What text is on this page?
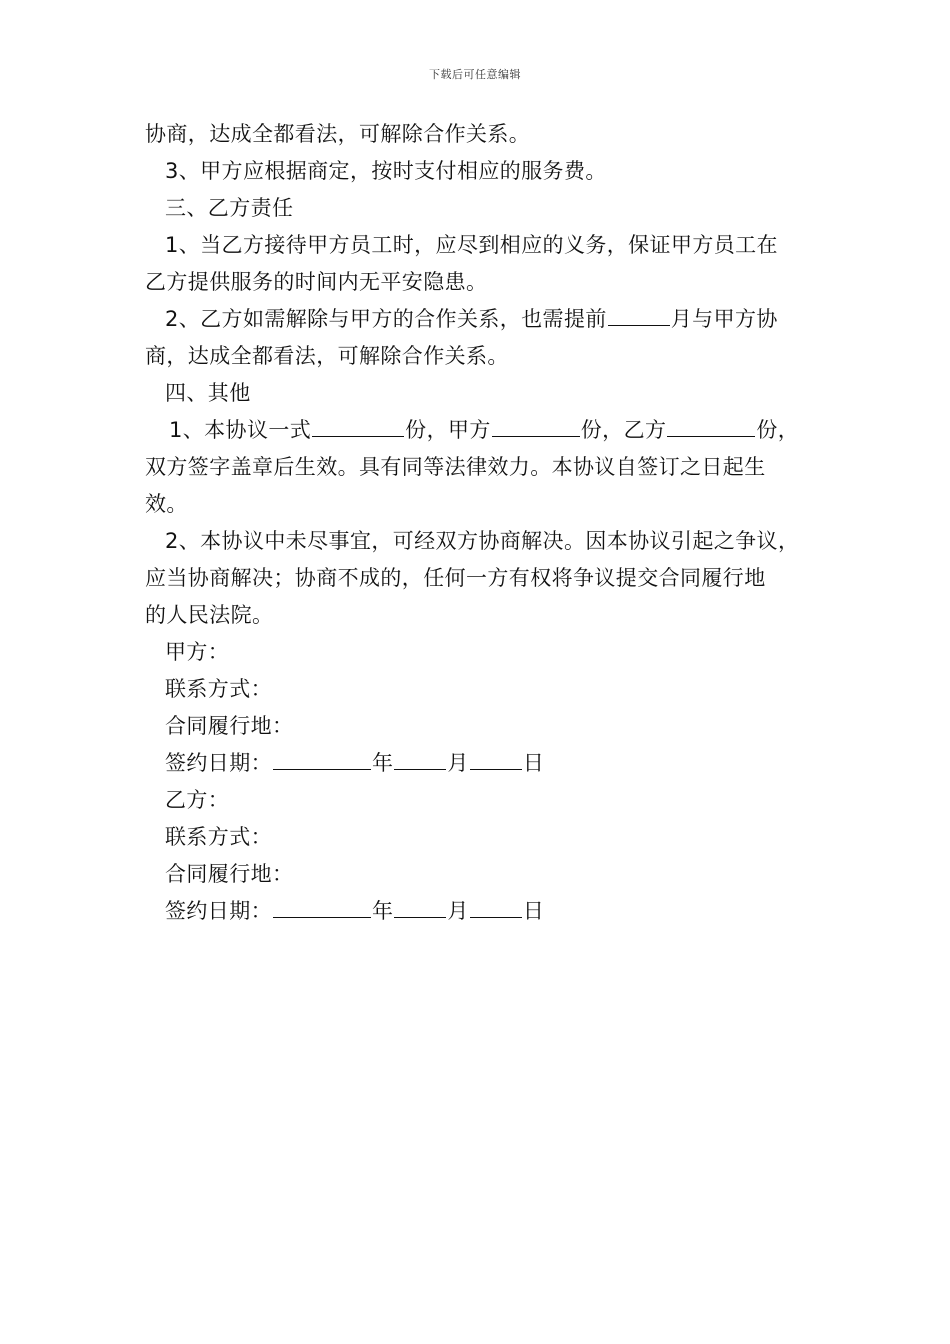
下载后可任意编辑
协商，达成全都看法，可解除合作关系。
3、甲方应根据商定，按时支付相应的服务费。
三、乙方责任
1、当乙方接待甲方员工时，应尽到相应的义务，保证甲方员工在
乙方提供服务的时间内无平安隐患。
2、乙方如需解除与甲方的合作关系，也需提前	月与甲方协
商，达成全都看法，可解除合作关系。
四、其他
1、本协议一式	份，甲方	份，乙方	份，
双方签字盖章后生效。具有同等法律效力。本协议自签订之日起生
效。
2、本协议中未尽事宜，可经双方协商解决。因本协议引起之争议，
应当协商解决；协商不成的，任何一方有权将争议提交合同履行地
的人民法院。
甲方：
联系方式：
合同履行地：
签约日期：	年	月	日
乙方：
联系方式：
合同履行地：
签约日期：	年	月	日
